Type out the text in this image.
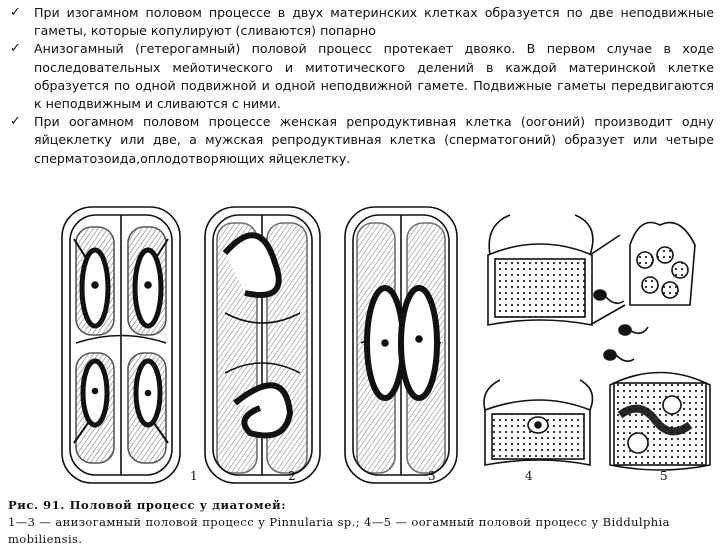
✓ При изогамном половом процессе в двух материнских клетках образуется по две неподвижные гаметы, которые копулируют (сливаются) попарно
✓ Анизогамный (гетерогамный) половой процесс протекает двояко. В первом случае в ходе последовательных мейотического и митотического делений в каждой материнской клетке образуется по одной подвижной и одной неподвижной гамете. Подвижные гаметы передвигаются к неподвижным и сливаются с ними.
✓ При оогамном половом процессе женская репродуктивная клетка (оогоний) производит одну яйцеклетку или две, а мужская репродуктивная клетка (сперматогоний) образует или четыре сперматозоида,оплодотворяющих яйцеклетку.
1	2	3	4	5
Рис. 91. Половой процесс у диатомей:
1—3 — анизогамный половой процесс у Pinnularia sp.; 4—5 — оогамный половой процесс у Biddulphia mobiliensis.
